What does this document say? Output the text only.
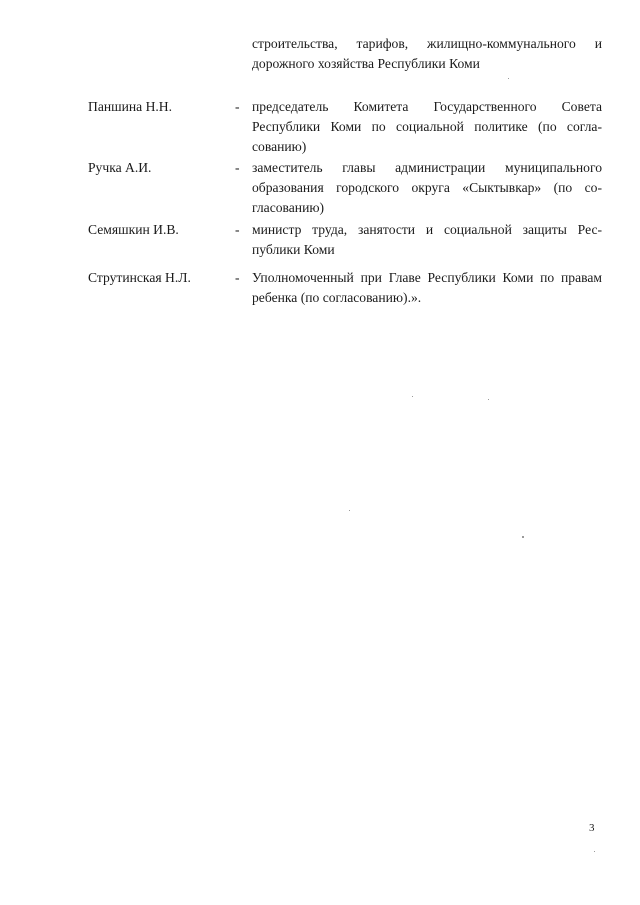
строительства, тарифов, жилищно-коммунального и дорожного хозяйства Республики Коми
Паншина Н.Н.	- председатель Комитета Государственного Совета Республики Коми по социальной политике (по согла-сованию)
Ручка А.И.	- заместитель главы администрации муниципального образования городского округа «Сыктывкар» (по со-гласованию)
Семяшкин И.В.	- министр труда, занятости и социальной защиты Рес-публики Коми
Струтинская Н.Л.	- Уполномоченный при Главе Республики Коми по правам ребенка (по согласованию).».
3
